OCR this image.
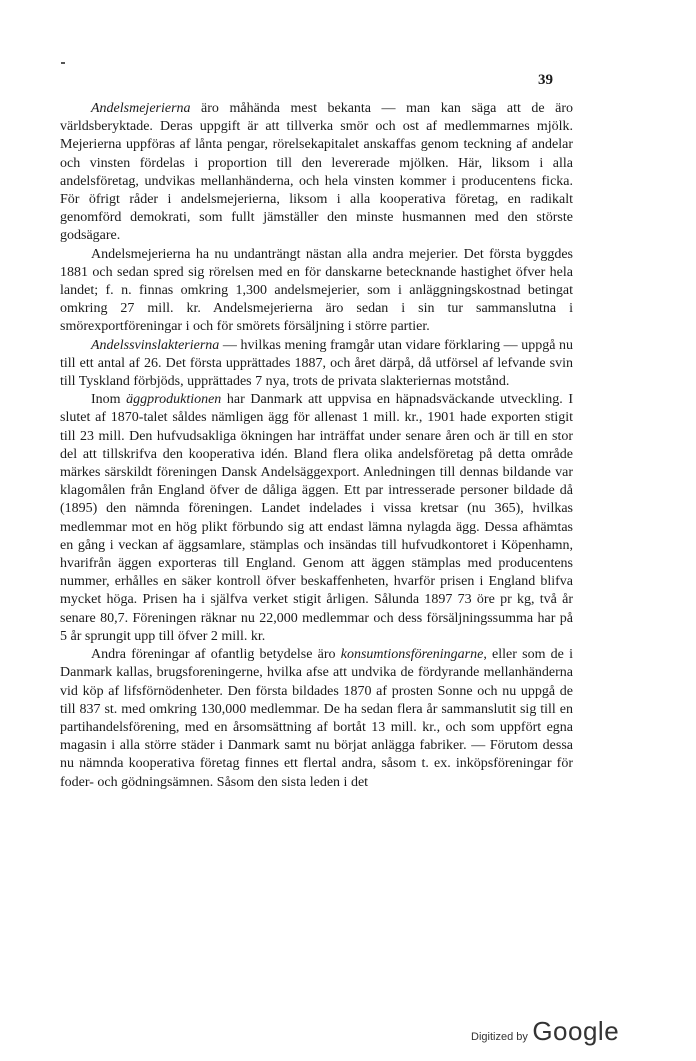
39

Andelsmejerierna äro måhända mest bekanta — man kan säga att de äro världsberyktade. Deras uppgift är att tillverka smör och ost af medlemmarnes mjölk. Mejerierna uppföras af lånta pengar, rörelsekapitalet anskaffas genom teckning af andelar och vinsten fördelas i proportion till den levererade mjölken. Här, liksom i alla andelsföretag, undvikas mellanhänderna, och hela vinsten kommer i producentens ficka. För öfrigt råder i andelsmejerierna, liksom i alla kooperativa företag, en radikalt genomförd demokrati, som fullt jämställer den minste husmannen med den störste godsägare.

Andelsmejerierna ha nu undanträngt nästan alla andra mejerier. Det första byggdes 1881 och sedan spred sig rörelsen med en för danskarne betecknande hastighet öfver hela landet; f. n. finnas omkring 1,300 andelsmejerier, som i anläggningskostnad betingat omkring 27 mill. kr. Andelsmejerierna äro sedan i sin tur sammanslutna i smörexportföreningar i och för smörets försäljning i större partier.

Andelssvinslakterierna — hvilkas mening framgår utan vidare förklaring — uppgå nu till ett antal af 26. Det första upprättades 1887, och året därpå, då utförsel af lefvande svin till Tyskland förbjöds, upprättades 7 nya, trots de privata slakteriernas motstånd.

Inom äggproduktionen har Danmark att uppvisa en häpnadsväckande utveckling. I slutet af 1870-talet såldes nämligen ägg för allenast 1 mill. kr., 1901 hade exporten stigit till 23 mill. Den hufvudsakliga ökningen har inträffat under senare åren och är till en stor del att tillskrifva den kooperativa idén. Bland flera olika andelsföretag på detta område märkes särskildt föreningen Dansk Andelsäggexport. Anledningen till dennas bildande var klagomålen från England öfver de dåliga äggen. Ett par intresserade personer bildade då (1895) den nämnda föreningen. Landet indelades i vissa kretsar (nu 365), hvilkas medlemmar mot en hög plikt förbundo sig att endast lämna nylagda ägg. Dessa afhämtas en gång i veckan af äggsamlare, stämplas och insändas till hufvudkontoret i Köpenhamn, hvarifrån äggen exporteras till England. Genom att äggen stämplas med producentens nummer, erhålles en säker kontroll öfver beskaffenheten, hvarför prisen i England blifva mycket höga. Prisen ha i själfva verket stigit årligen. Sålunda 1897 73 öre pr kg, två år senare 80,7. Föreningen räknar nu 22,000 medlemmar och dess försäljningssumma har på 5 år sprungit upp till öfver 2 mill. kr.

Andra föreningar af ofantlig betydelse äro konsumtionsföreningarne, eller som de i Danmark kallas, brugsforeningerne, hvilka afse att undvika de fördyrande mellanhänderna vid köp af lifsförnödenheter. Den första bildades 1870 af prosten Sonne och nu uppgå de till 837 st. med omkring 130,000 medlemmar. De ha sedan flera år sammanslutit sig till en partihandelsförening, med en årsomsättning af bortåt 13 mill. kr., och som uppfört egna magasin i alla större städer i Danmark samt nu börjat anlägga fabriker. — Förutom dessa nu nämnda kooperativa företag finnes ett flertal andra, såsom t. ex. inköpsföreningar för foder- och gödningsämnen. Såsom den sista leden i det

Digitized by Google
